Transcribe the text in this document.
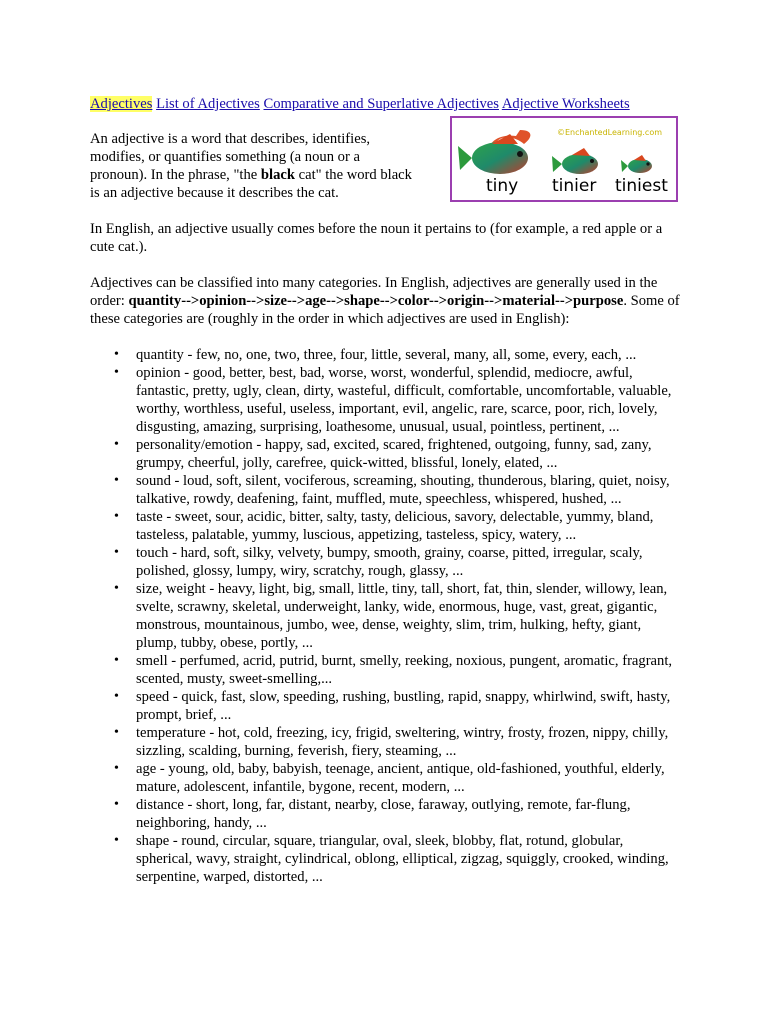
©EnchantedLearning.com
tiny tinier tiniest
Adjectives List of Adjectives Comparative and Superlative Adjectives Adjective Worksheets

An adjective is a word that describes, identifies, modifies, or quantifies something (a noun or a pronoun). In the phrase, "the black cat" the word black is an adjective because it describes the cat.

In English, an adjective usually comes before the noun it pertains to (for example, a red apple or a cute cat.).

Adjectives can be classified into many categories. In English, adjectives are generally used in the order: quantity-->opinion-->size-->age-->shape-->color-->origin-->material-->purpose. Some of these categories are (roughly in the order in which adjectives are used in English):

• quantity - few, no, one, two, three, four, little, several, many, all, some, every, each, ...
• opinion - good, better, best, bad, worse, worst, wonderful, splendid, mediocre, awful, fantastic, pretty, ugly, clean, dirty, wasteful, difficult, comfortable, uncomfortable, valuable, worthy, worthless, useful, useless, important, evil, angelic, rare, scarce, poor, rich, lovely, disgusting, amazing, surprising, loathesome, unusual, usual, pointless, pertinent, ...
• personality/emotion - happy, sad, excited, scared, frightened, outgoing, funny, sad, zany, grumpy, cheerful, jolly, carefree, quick-witted, blissful, lonely, elated, ...
• sound - loud, soft, silent, vociferous, screaming, shouting, thunderous, blaring, quiet, noisy, talkative, rowdy, deafening, faint, muffled, mute, speechless, whispered, hushed, ...
• taste - sweet, sour, acidic, bitter, salty, tasty, delicious, savory, delectable, yummy, bland, tasteless, palatable, yummy, luscious, appetizing, tasteless, spicy, watery, ...
• touch - hard, soft, silky, velvety, bumpy, smooth, grainy, coarse, pitted, irregular, scaly, polished, glossy, lumpy, wiry, scratchy, rough, glassy, ...
• size, weight - heavy, light, big, small, little, tiny, tall, short, fat, thin, slender, willowy, lean, svelte, scrawny, skeletal, underweight, lanky, wide, enormous, huge, vast, great, gigantic, monstrous, mountainous, jumbo, wee, dense, weighty, slim, trim, hulking, hefty, giant, plump, tubby, obese, portly, ...
• smell - perfumed, acrid, putrid, burnt, smelly, reeking, noxious, pungent, aromatic, fragrant, scented, musty, sweet-smelling,...
• speed - quick, fast, slow, speeding, rushing, bustling, rapid, snappy, whirlwind, swift, hasty, prompt, brief, ...
• temperature - hot, cold, freezing, icy, frigid, sweltering, wintry, frosty, frozen, nippy, chilly, sizzling, scalding, burning, feverish, fiery, steaming, ...
• age - young, old, baby, babyish, teenage, ancient, antique, old-fashioned, youthful, elderly, mature, adolescent, infantile, bygone, recent, modern, ...
• distance - short, long, far, distant, nearby, close, faraway, outlying, remote, far-flung, neighboring, handy, ...
• shape - round, circular, square, triangular, oval, sleek, blobby, flat, rotund, globular, spherical, wavy, straight, cylindrical, oblong, elliptical, zigzag, squiggly, crooked, winding, serpentine, warped, distorted, ...
